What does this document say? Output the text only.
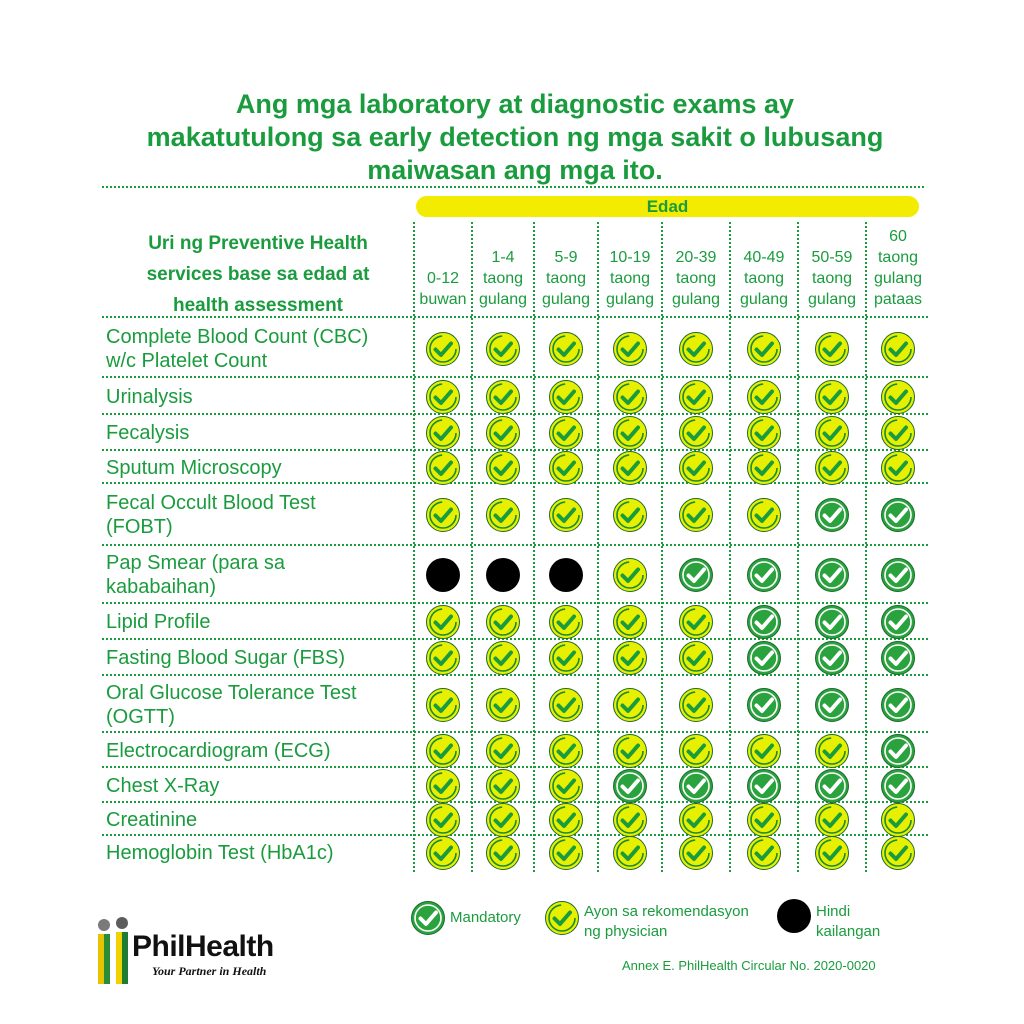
Ang mga laboratory at diagnostic exams ay
makatutulong sa early detection ng mga sakit o lubusang
maiwasan ang mga ito.
Edad
Uri ng Preventive Health
services base sa edad at
health assessment
0-12
buwan
1-4
taong
gulang
5-9
taong
gulang
10-19
taong
gulang
20-39
taong
gulang
40-49
taong
gulang
50-59
taong
gulang
60
taong
gulang
pataas
Complete Blood Count (CBC)
w/c Platelet Count
Urinalysis
Fecalysis
Sputum Microscopy
Fecal Occult Blood Test
(FOBT)
Pap Smear (para sa
kababaihan)
Lipid Profile
Fasting Blood Sugar (FBS)
Oral Glucose Tolerance Test
(OGTT)
Electrocardiogram (ECG)
Chest X-Ray
Creatinine
Hemoglobin Test (HbA1c)
Mandatory	Ayon sa rekomendasyon
ng physician
Hindi
kailangan
Annex E. PhilHealth Circular No. 2020-0020
PhilHealth
Your Partner in Health
